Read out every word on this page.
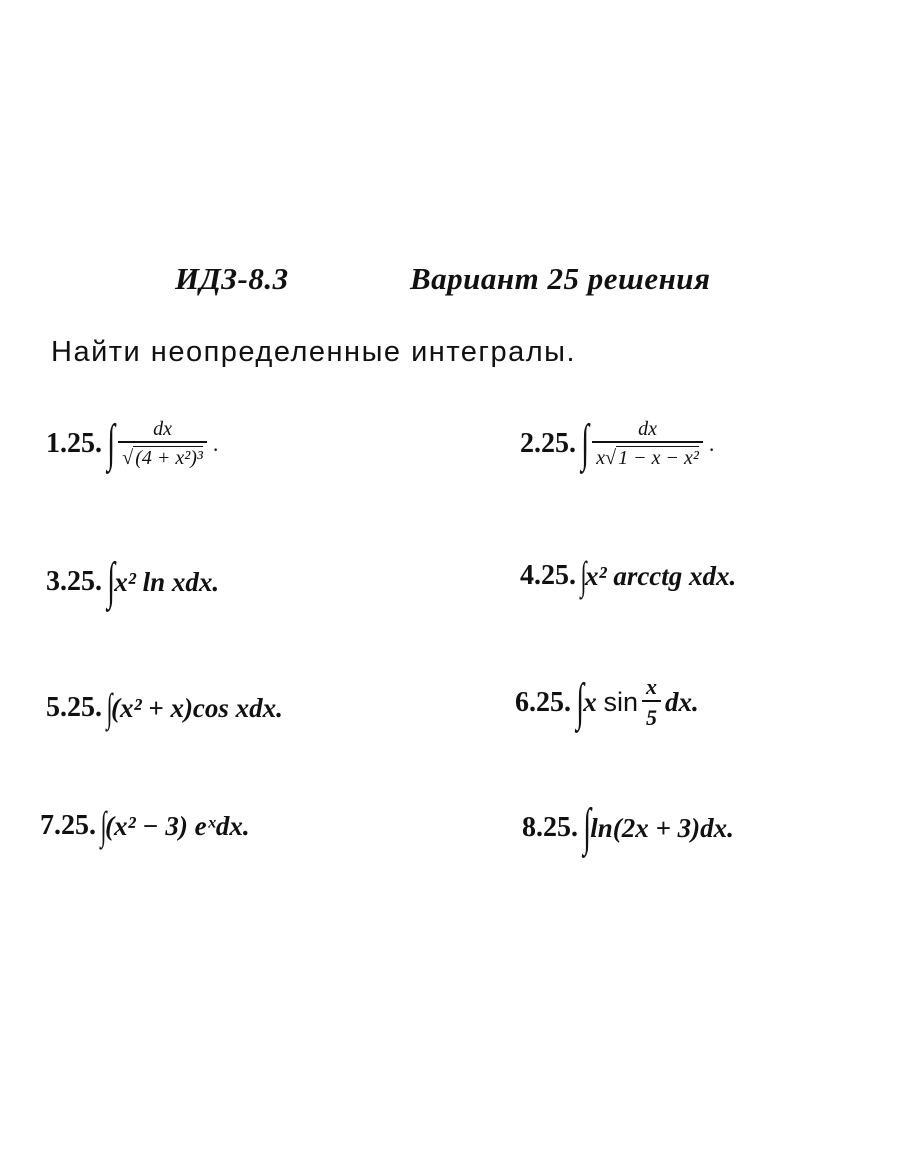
ИДЗ-8.3	Вариант 25 решения
Найти неопределенные интегралы.
1.25. ∫ $\frac{dx}{\text{√ (4 + x²)³}}$ .	2.25. ∫ $\frac{dx}{\text{x√ 1 − x − x²}}$ .
3.25. ∫ x² ln xdx.	4.25. ∫
x² arcctg xdx.
5.25. ∫
(x² + x)cos xdx.	6.25. ∫ x $\sin \frac{x}{5}$ dx.
7.25. ∫
(x² − 3) eˣdx.	8.25. ∫ ln(2x + 3)dx.
